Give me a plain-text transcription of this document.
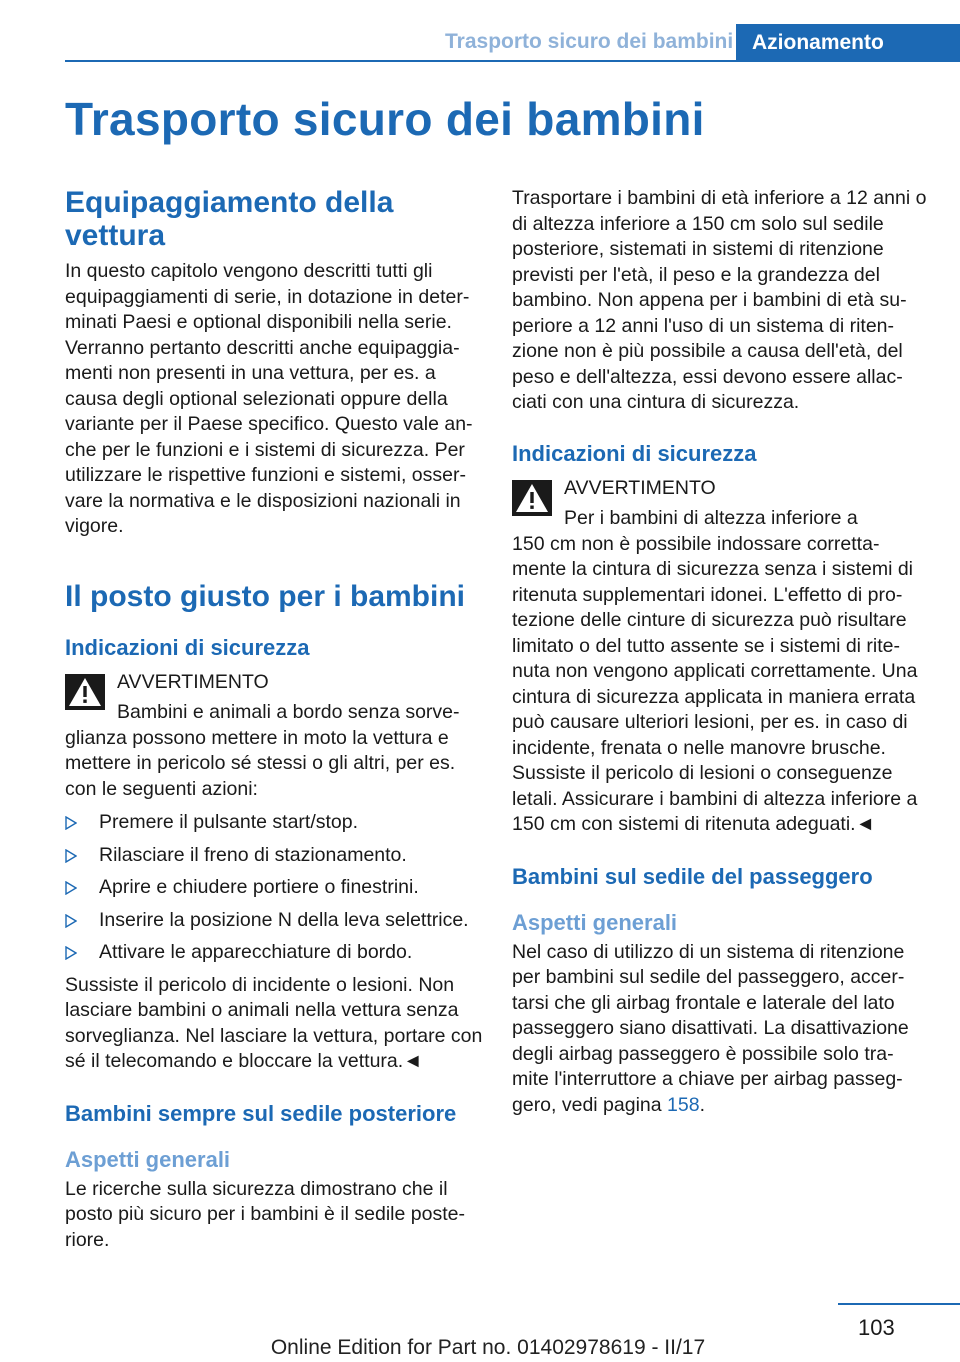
Trasporto sicuro dei bambini Azionamento
Trasporto sicuro dei bambini
Equipaggiamento della vettura

In questo capitolo vengono descritti tutti gli equipaggiamenti di serie, in dotazione in deter-minati Paesi e optional disponibili nella serie. Verranno pertanto descritti anche equipaggia-menti non presenti in una vettura, per es. a causa degli optional selezionati oppure della variante per il Paese specifico. Questo vale an-che per le funzioni e i sistemi di sicurezza. Per utilizzare le rispettive funzioni e sistemi, osser-vare la normativa e le disposizioni nazionali in vigore.

Il posto giusto per i bambini
Indicazioni di sicurezza
AVVERTIMENTO
Bambini e animali a bordo senza sorve-

glianza possono mettere in moto la vettura e mettere in pericolo sé stessi o gli altri, per es. con le seguenti azioni:

Premere il pulsante start/stop.
Rilasciare il freno di stazionamento.
Aprire e chiudere portiere o finestrini.
Inserire la posizione N della leva selettrice.
Attivare le apparecchiature di bordo.

Sussiste il pericolo di incidente o lesioni. Non lasciare bambini o animali nella vettura senza sorveglianza. Nel lasciare la vettura, portare con sé il telecomando e bloccare la vettura.◄

Bambini sempre sul sedile posteriore
Aspetti generali

Le ricerche sulla sicurezza dimostrano che il posto più sicuro per i bambini è il sedile poste-riore.

Trasportare i bambini di età inferiore a 12 anni o di altezza inferiore a 150 cm solo sul sedile posteriore, sistemati in sistemi di ritenzione previsti per l'età, il peso e la grandezza del bambino. Non appena per i bambini di età su-periore a 12 anni l'uso di un sistema di riten-zione non è più possibile a causa dell'età, del peso e dell'altezza, essi devono essere allac-ciati con una cintura di sicurezza.

Indicazioni di sicurezza
AVVERTIMENTO
Per i bambini di altezza inferiore a

150 cm non è possibile indossare corretta-mente la cintura di sicurezza senza i sistemi di ritenuta supplementari idonei. L'effetto di pro-tezione delle cinture di sicurezza può risultare limitato o del tutto assente se i sistemi di rite-nuta non vengono applicati correttamente. Una cintura di sicurezza applicata in maniera errata può causare ulteriori lesioni, per es. in caso di incidente, frenata o nelle manovre brusche. Sussiste il pericolo di lesioni o conseguenze letali. Assicurare i bambini di altezza inferiore a 150 cm con sistemi di ritenuta adeguati.◄

Bambini sul sedile del passeggero
Aspetti generali

Nel caso di utilizzo di un sistema di ritenzione per bambini sul sedile del passeggero, accer-tarsi che gli airbag frontale e laterale del lato passeggero siano disattivati. La disattivazione degli airbag passeggero è possibile solo tra-mite l'interruttore a chiave per airbag passeg-gero, vedi pagina 158.

103
Online Edition for Part no. 01402978619 - II/17
